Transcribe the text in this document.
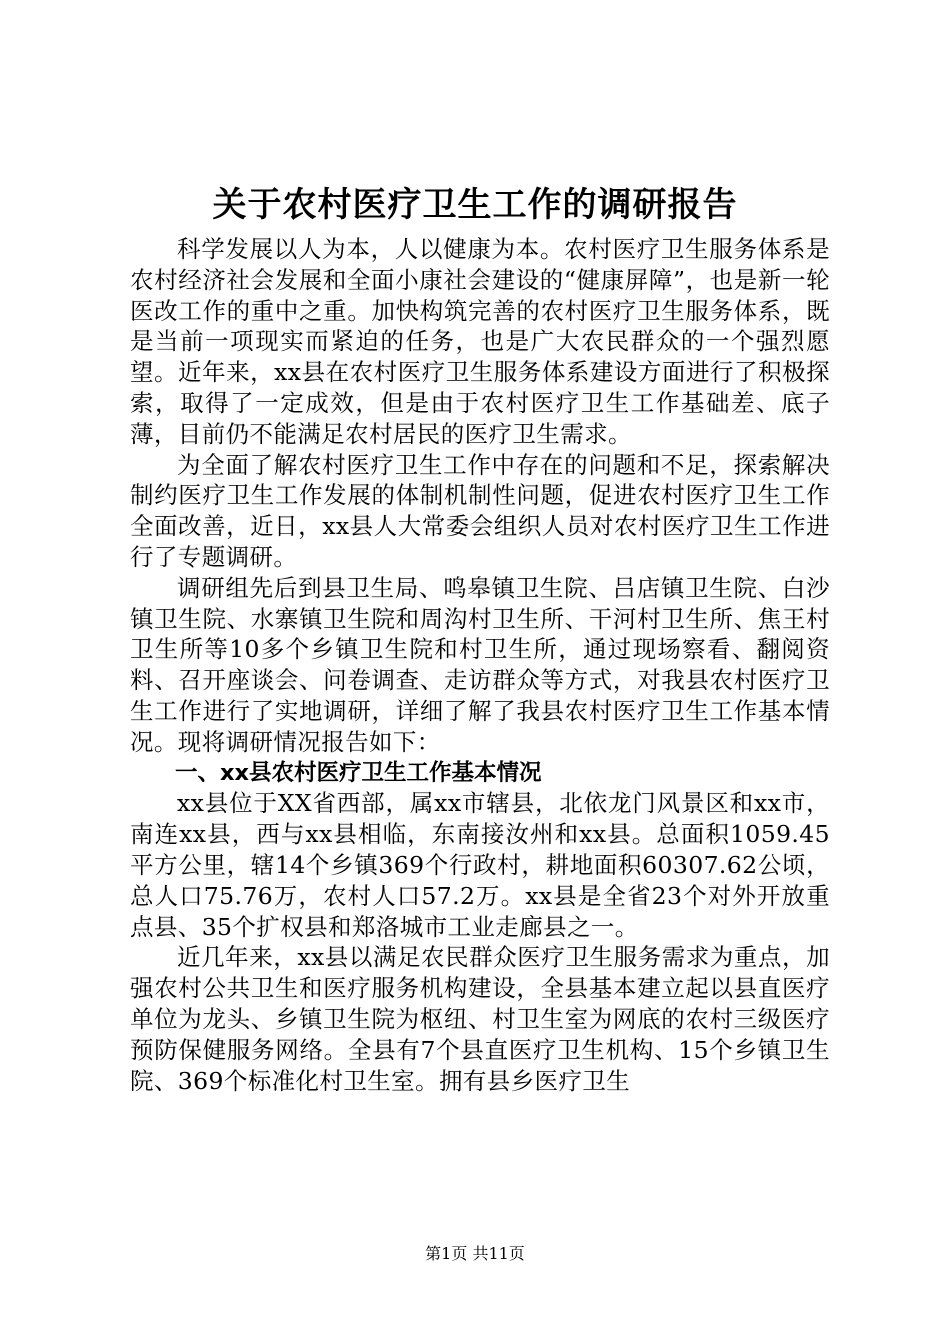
关于农村医疗卫生工作的调研报告

科学发展以人为本，人以健康为本。农村医疗卫生服务体系是农村经济社会发展和全面小康社会建设的“健康屏障”，也是新一轮医改工作的重中之重。加快构筑完善的农村医疗卫生服务体系，既是当前一项现实而紧迫的任务，也是广大农民群众的一个强烈愿望。近年来，xx县在农村医疗卫生服务体系建设方面进行了积极探索，取得了一定成效，但是由于农村医疗卫生工作基础差、底子薄，目前仍不能满足农村居民的医疗卫生需求。

为全面了解农村医疗卫生工作中存在的问题和不足，探索解决制约医疗卫生工作发展的体制机制性问题，促进农村医疗卫生工作全面改善，近日，xx县人大常委会组织人员对农村医疗卫生工作进行了专题调研。

调研组先后到县卫生局、鸣皋镇卫生院、吕店镇卫生院、白沙镇卫生院、水寨镇卫生院和周沟村卫生所、干河村卫生所、焦王村卫生所等10多个乡镇卫生院和村卫生所，通过现场察看、翻阅资料、召开座谈会、问卷调查、走访群众等方式，对我县农村医疗卫生工作进行了实地调研，详细了解了我县农村医疗卫生工作基本情况。现将调研情况报告如下：

一、xx县农村医疗卫生工作基本情况

xx县位于XX省西部，属xx市辖县，北依龙门风景区和xx市，南连xx县，西与xx县相临，东南接汝州和xx县。总面积1059.45平方公里，辖14个乡镇369个行政村，耕地面积60307.62公顷，总人口75.76万，农村人口57.2万。xx县是全省23个对外开放重点县、35个扩权县和郑洛城市工业走廊县之一。

近几年来，xx县以满足农民群众医疗卫生服务需求为重点，加强农村公共卫生和医疗服务机构建设，全县基本建立起以县直医疗单位为龙头、乡镇卫生院为枢纽、村卫生室为网底的农村三级医疗预防保健服务网络。全县有7个县直医疗卫生机构、15个乡镇卫生院、369个标准化村卫生室。拥有县乡医疗卫生

第1页 共11页
